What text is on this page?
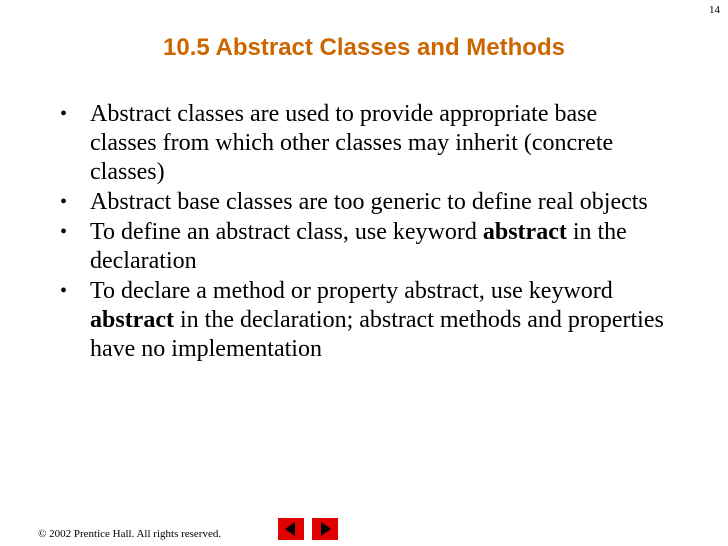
14
10.5 Abstract Classes and Methods
• Abstract classes are used to provide appropriate base classes from which other classes may inherit (concrete classes)
• Abstract base classes are too generic to define real objects
• To define an abstract class, use keyword abstract in the declaration
• To declare a method or property abstract, use keyword abstract in the declaration; abstract methods and properties have no implementation
© 2002 Prentice Hall. All rights reserved.
